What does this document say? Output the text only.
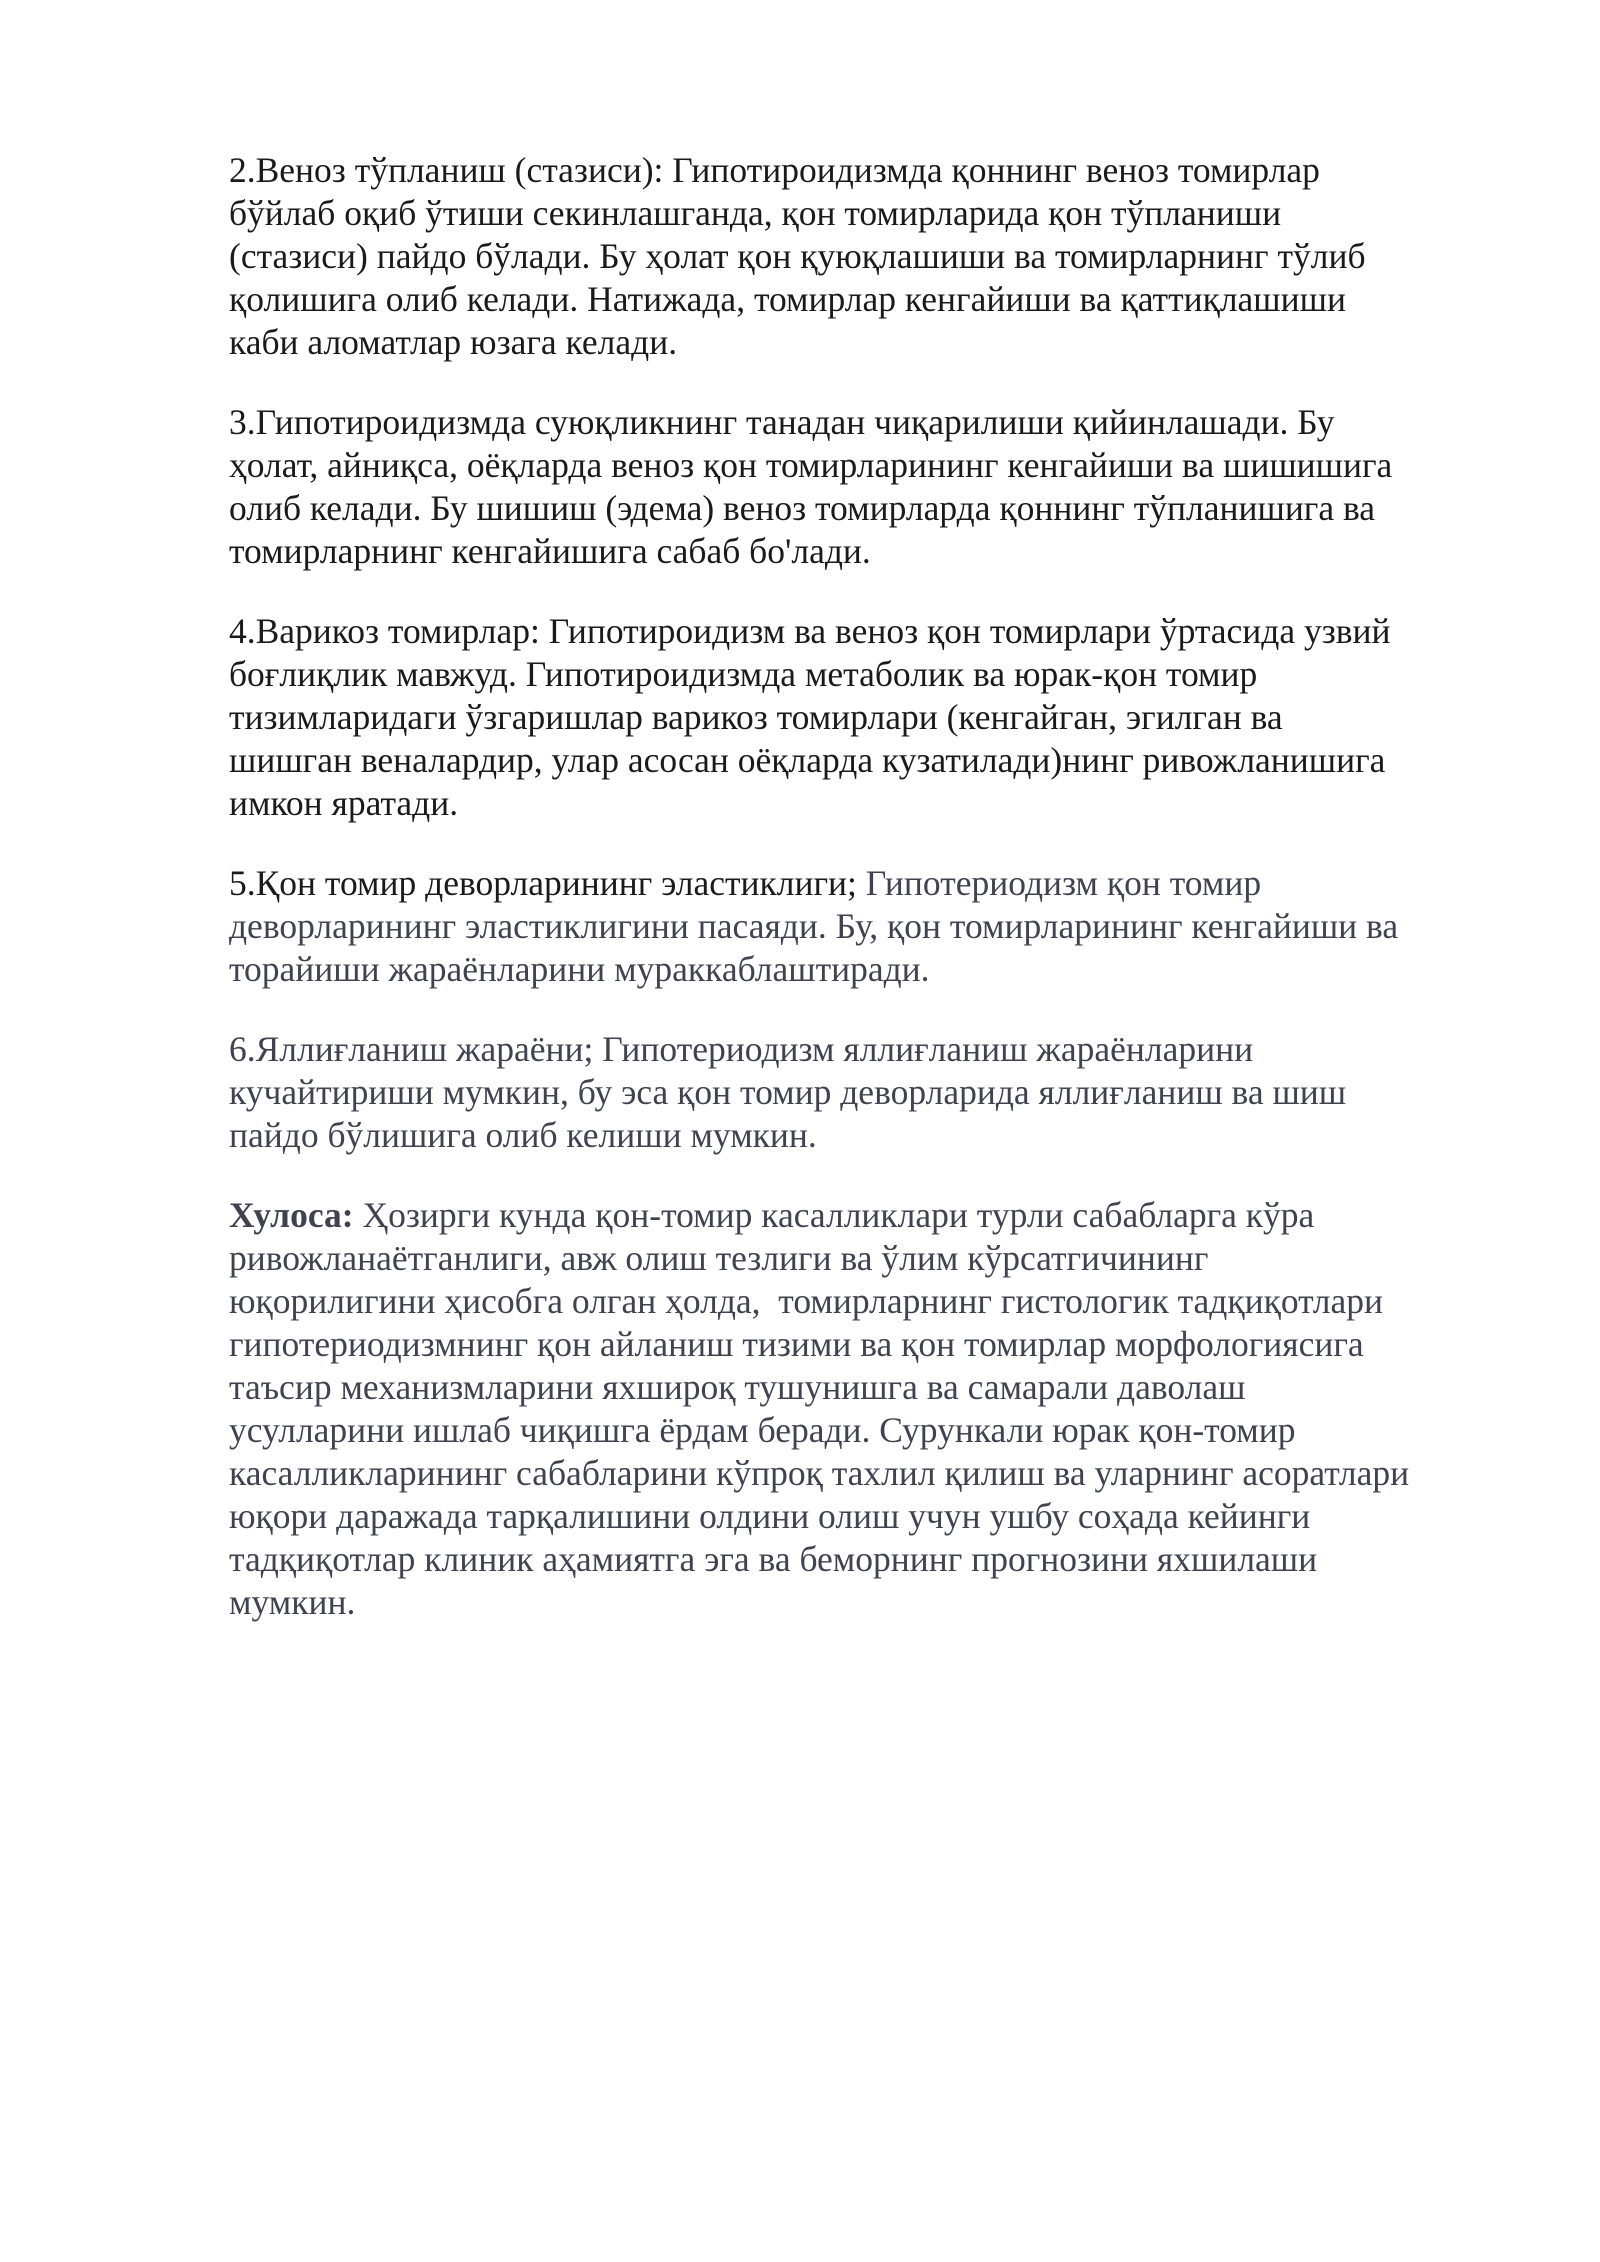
2.Веноз тўпланиш (стазиси): Гипотироидизмда қоннинг веноз томирлар
бўйлаб оқиб ўтиши секинлашганда, қон томирларида қон тўпланиши
(стазиси) пайдо бўлади. Бу ҳолат қон қуюқлашиши ва томирларнинг тўлиб
қолишига олиб келади. Натижада, томирлар кенгайиши ва қаттиқлашиши
каби аломатлар юзага келади.

3.Гипотироидизмда суюқликнинг танадан чиқарилиши қийинлашади. Бу
ҳолат, айниқса, оёқларда веноз қон томирларининг кенгайиши ва шишишига
олиб келади. Бу шишиш (эдема) веноз томирларда қоннинг тўпланишига ва
томирларнинг кенгайишига сабаб бо'лади.

4.Варикоз томирлар: Гипотироидизм ва веноз қон томирлари ўртасида узвий
боғлиқлик мавжуд. Гипотироидизмда метаболик ва юрак-қон томир
тизимларидаги ўзгаришлар варикоз томирлари (кенгайган, эгилган ва
шишган веналардир, улар асосан оёқларда кузатилади)нинг ривожланишига
имкон яратади.

5.Қон томир деворларининг эластиклиги; Гипотериодизм қон томир
деворларининг эластиклигини пасаяди. Бу, қон томирларининг кенгайиши ва
торайиши жараёнларини мураккаблаштиради.

6.Яллиғланиш жараёни; Гипотериодизм яллиғланиш жараёнларини
кучайтириши мумкин, бу эса қон томир деворларида яллиғланиш ва шиш
пайдо бўлишига олиб келиши мумкин.

Хулоса: Ҳозирги кунда қон-томир касалликлари турли сабабларга кўра
ривожланаётганлиги, авж олиш тезлиги ва ўлим кўрсатгичининг
юқорилигини ҳисобга олган ҳолда,  томирларнинг гистологик тадқиқотлари
гипотериодизмнинг қон айланиш тизими ва қон томирлар морфологиясига
таъсир механизмларини яхшироқ тушунишга ва самарали даволаш
усулларини ишлаб чиқишга ёрдам беради. Сурункали юрак қон-томир
касалликларининг сабабларини кўпроқ тахлил қилиш ва уларнинг асоратлари
юқори даражада тарқалишини олдини олиш учун ушбу соҳада кейинги
тадқиқотлар клиник аҳамиятга эга ва беморнинг прогнозини яхшилаши
мумкин.
